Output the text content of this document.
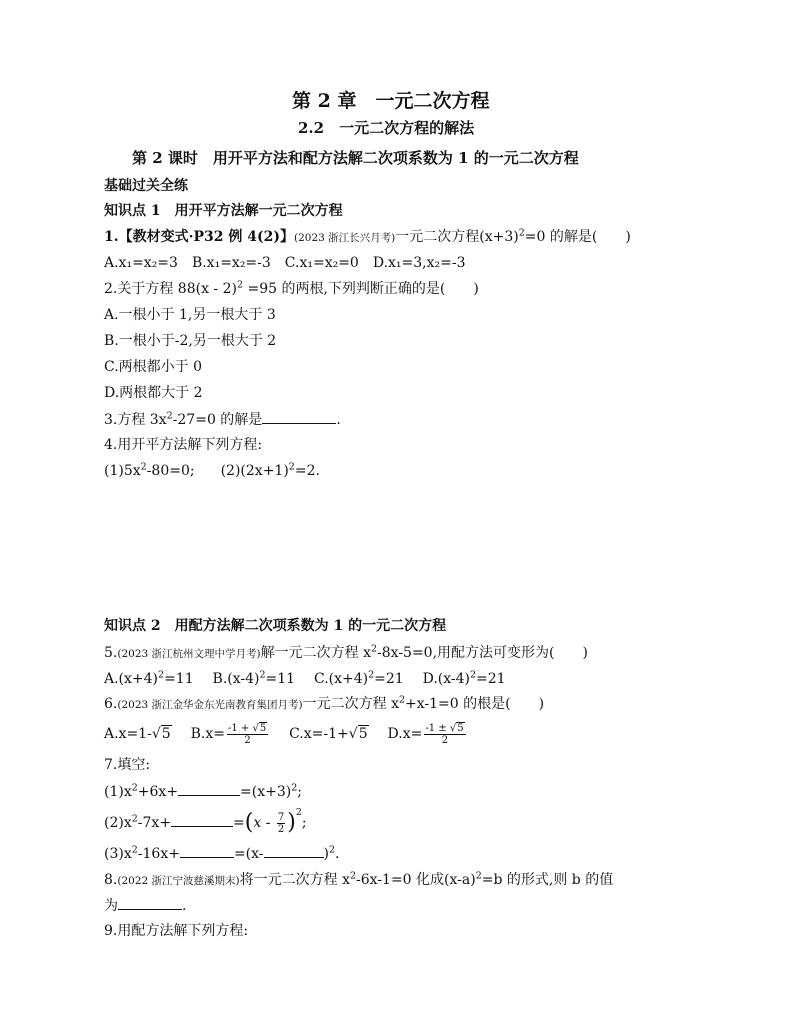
第 2 章　一元二次方程
2.2　一元二次方程的解法
第 2 课时　用开平方法和配方法解二次项系数为 1 的一元二次方程
基础过关全练
知识点 1　用开平方法解一元二次方程
1.【教材变式·P32 例 4(2)】(2023 浙江长兴月考)一元二次方程$(x+3)^2=0$ 的解是(　　)
A.x₁=x₂=3　B.x₁=x₂=-3　C.x₁=x₂=0　D.x₁=3,x₂=-3
2.关于方程 88(x - 2)$^2$ =95 的两根,下列判断正确的是(　　)
A.一根小于 1,另一根大于 3
B.一根小于-2,另一根大于 2
C.两根都小于 0
D.两根都大于 2
3.方程 $3x^2-27=0$ 的解是	.
4.用开平方法解下列方程:
$(1)5x^2-80=0$; $(2)(2x+1)^2=2$.
知识点 2　用配方法解二次项系数为 1 的一元二次方程
5.(2023 浙江杭州文理中学月考)解一元二次方程 $x^2-8x-5=0$,用配方法可变形为(　　)
$A.(x+4)^2=11$ $B.(x-4)^2=11$ $C.(x+4)^2=21$ $D.(x-4)^2=21$
6.(2023 浙江金华金东光南教育集团月考)一元二次方程 $x^2+x-1=0$ 的根是(　　)
A.x=1-√5 $B.x= \frac{-1 + √5}{2} C.x=-1+√5$ $D.x= \frac{-1 \pm √5}{2}$
7.填空:
$(1)x^2+6x+$	$=(x+3)^2$;
$(2)x^2-7x+$	$=(x - \frac{7}{2} )^2$;
$(3)x^2-16x+$	=(x-	)$^2$.
8.(2022 浙江宁波慈溪期末)将一元二次方程 $x^2-6x-1=0$ 化成$(x-a)^2=b$ 的形式,则 b 的值
为	.
9.用配方法解下列方程:
